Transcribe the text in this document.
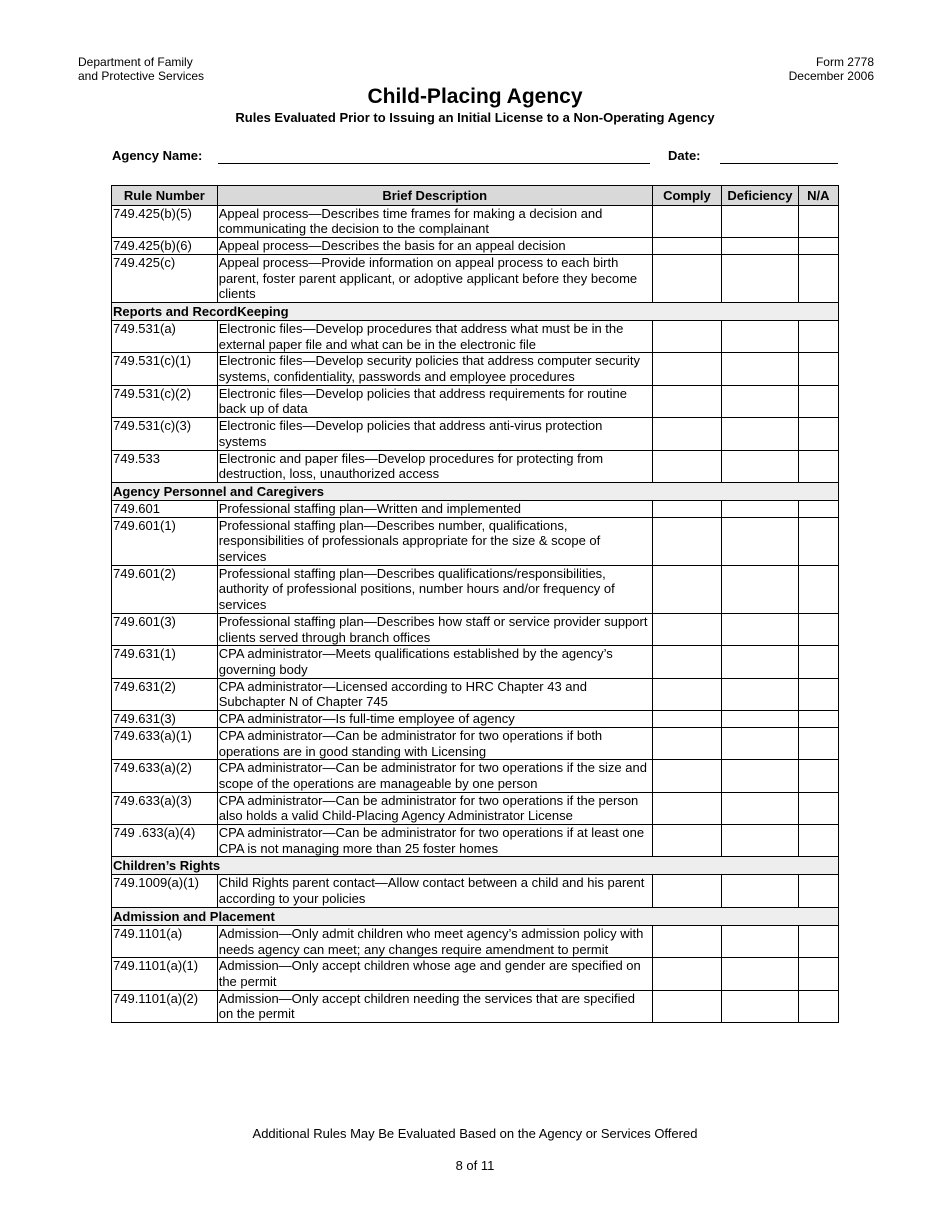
Department of Family
and Protective Services
Form 2778
December 2006
Child-Placing Agency
Rules Evaluated Prior to Issuing an Initial License to a Non-Operating Agency
Agency Name:	Date:
Rule Number	Brief Description	Comply	Deficiency	N/A
749.425(b)(5)	Appeal process—Describes time frames for making a decision and communicating the decision to the complainant			
749.425(b)(6)	Appeal process—Describes the basis for an appeal decision			
749.425(c)	Appeal process—Provide information on appeal process to each birth parent, foster parent applicant, or adoptive applicant before they become clients			
Reports and RecordKeeping				
749.531(a)	Electronic files—Develop procedures that address what must be in the external paper file and what can be in the electronic file			
749.531(c)(1)	Electronic files—Develop security policies that address computer security systems, confidentiality, passwords and employee procedures			
749.531(c)(2)	Electronic files—Develop policies that address requirements for routine back up of data			
749.531(c)(3)	Electronic files—Develop policies that address anti-virus protection systems			
749.533	Electronic and paper files—Develop procedures for protecting from destruction, loss, unauthorized access			
Agency Personnel and Caregivers				
749.601	Professional staffing plan—Written and implemented			
749.601(1)	Professional staffing plan—Describes number, qualifications, responsibilities of professionals appropriate for the size & scope of services			
749.601(2)	Professional staffing plan—Describes qualifications/responsibilities, authority of professional positions, number hours and/or frequency of services			
749.601(3)	Professional staffing plan—Describes how staff or service provider support clients served through branch offices			
749.631(1)	CPA administrator—Meets qualifications established by the agency’s governing body			
749.631(2)	CPA administrator—Licensed according to HRC Chapter 43 and Subchapter N of Chapter 745			
749.631(3)	CPA administrator—Is full-time employee of agency			
749.633(a)(1)	CPA administrator—Can be administrator for two operations if both operations are in good standing with Licensing			
749.633(a)(2)	CPA administrator—Can be administrator for two operations if the size and scope of the operations are manageable by one person			
749.633(a)(3)	CPA administrator—Can be administrator for two operations if the person also holds a valid Child-Placing Agency Administrator License			
749 .633(a)(4)	CPA administrator—Can be administrator for two operations if at least one CPA is not managing more than 25 foster homes			
Children’s Rights				
749.1009(a)(1)	Child Rights parent contact—Allow contact between a child and his parent according to your policies			
Admission and Placement				
749.1101(a)	Admission—Only admit children who meet agency’s admission policy with needs agency can meet; any changes require amendment to permit			
749.1101(a)(1)	Admission—Only accept children whose age and gender are specified on the permit			
749.1101(a)(2)	Admission—Only accept children needing the services that are specified on the permit			
Additional Rules May Be Evaluated Based on the Agency or Services Offered
8 of 11
